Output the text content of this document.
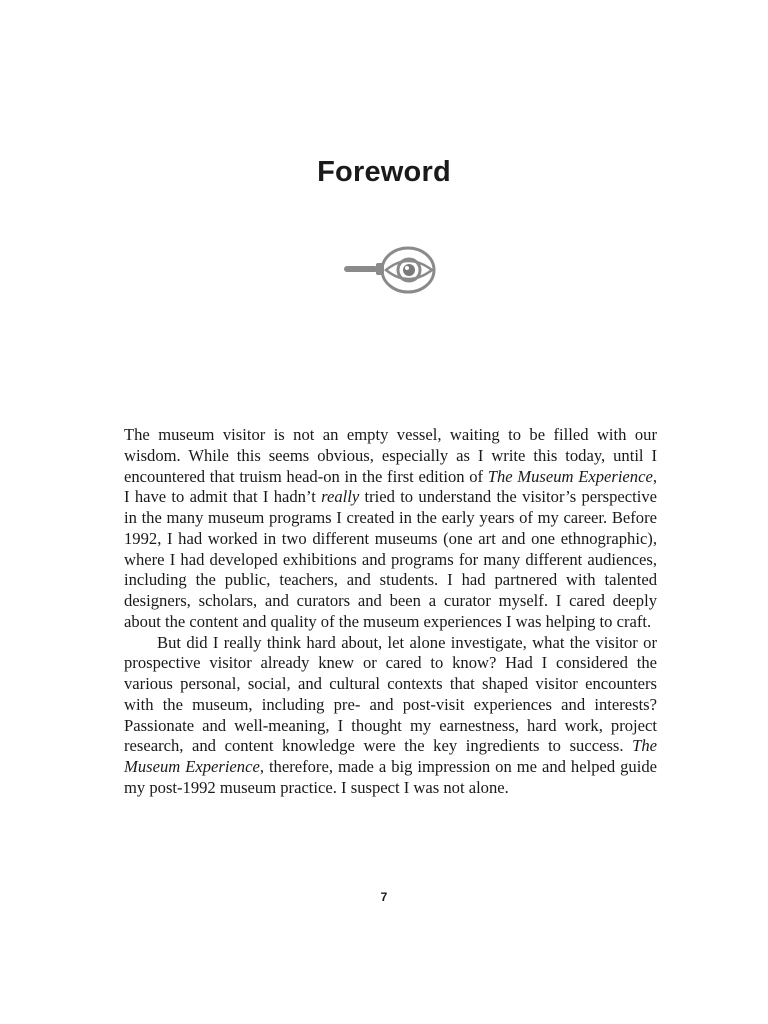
Foreword

The museum visitor is not an empty vessel, waiting to be filled with our wisdom. While this seems obvious, especially as I write this today, until I encountered that truism head-on in the first edition of The Museum Experience, I have to admit that I hadn’t really tried to understand the visitor’s perspective in the many museum programs I created in the early years of my career. Before 1992, I had worked in two different museums (one art and one ethnographic), where I had developed exhibitions and programs for many different audiences, including the public, teachers, and students. I had partnered with talented designers, scholars, and curators and been a curator myself. I cared deeply about the content and quality of the museum experiences I was helping to craft.

But did I really think hard about, let alone investigate, what the visitor or prospective visitor already knew or cared to know? Had I considered the various personal, social, and cultural contexts that shaped visitor encounters with the museum, including pre- and post-visit experiences and interests? Passionate and well-meaning, I thought my earnestness, hard work, project research, and content knowledge were the key ingredients to success. The Museum Experience, therefore, made a big impression on me and helped guide my post-1992 museum practice. I suspect I was not alone.

7
